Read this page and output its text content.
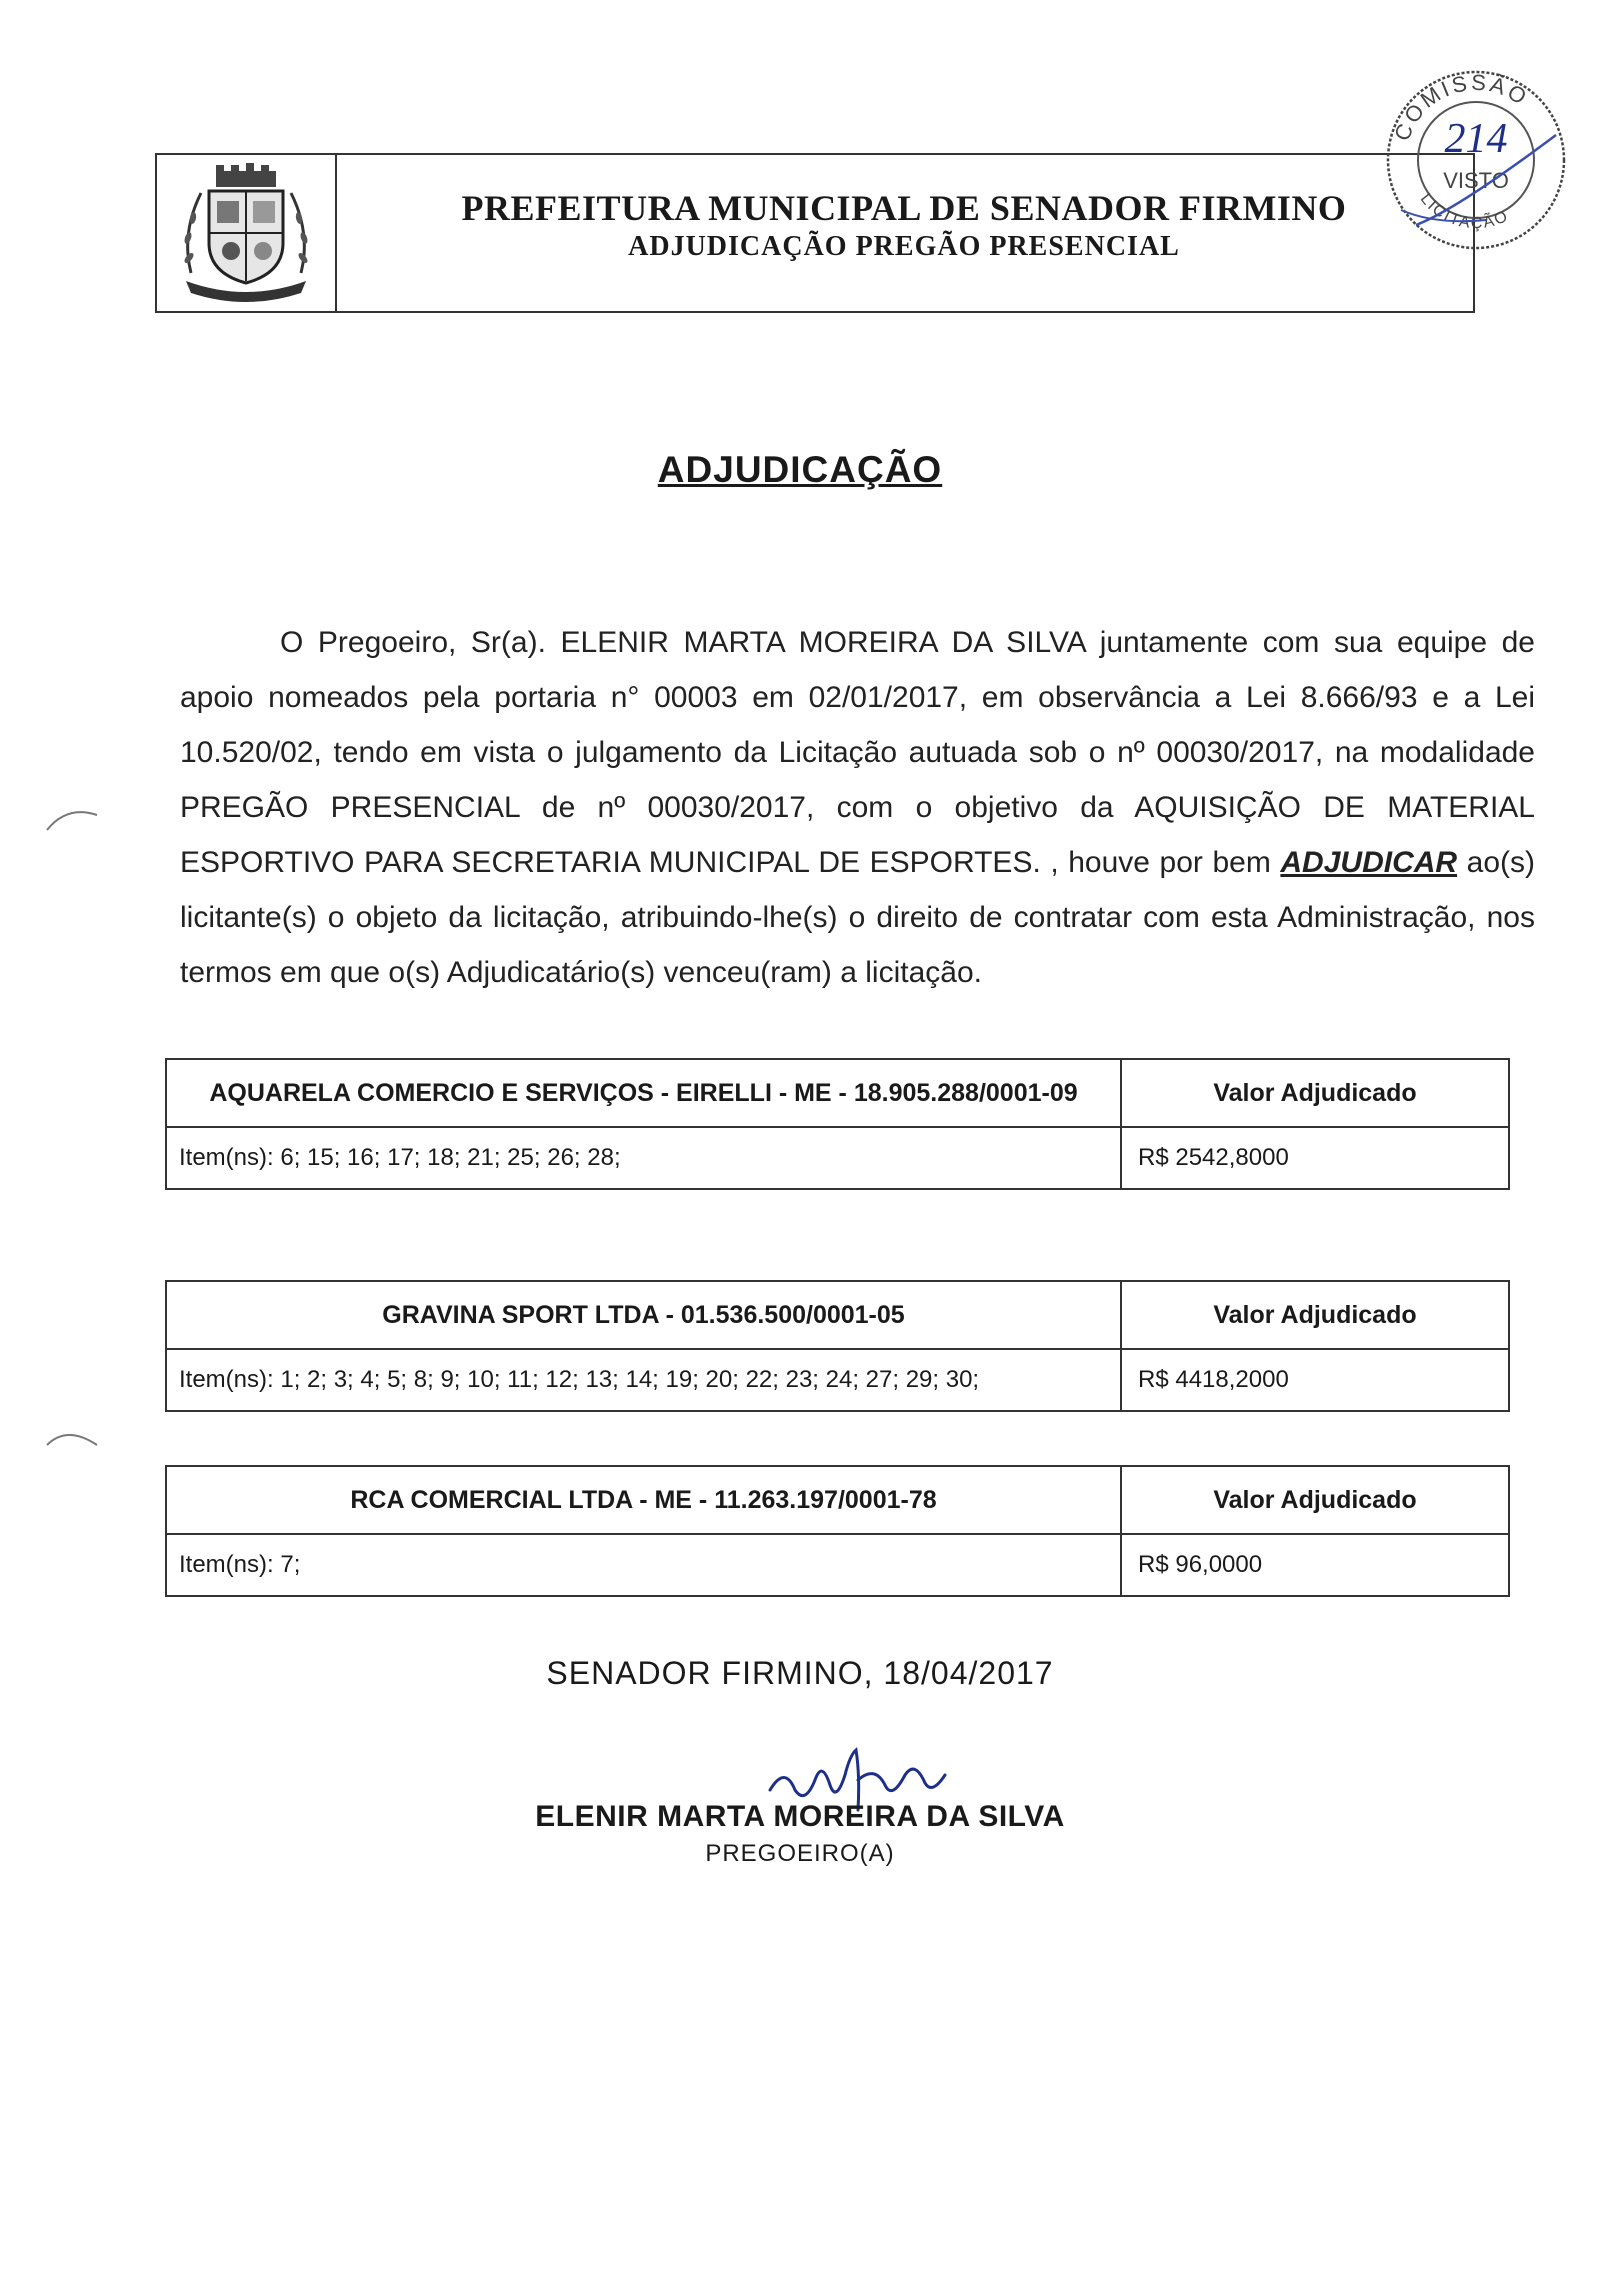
PREFEITURA MUNICIPAL DE SENADOR FIRMINO
ADJUDICAÇÃO PREGÃO PRESENCIAL
COMISSÃO
LICITAÇÃO
214
VISTO
ADJUDICAÇÃO

O Pregoeiro, Sr(a). ELENIR MARTA MOREIRA DA SILVA juntamente com sua equipe de apoio nomeados pela portaria n° 00003 em 02/01/2017, em observância a Lei 8.666/93 e a Lei 10.520/02, tendo em vista o julgamento da Licitação autuada sob o nº 00030/2017, na modalidade PREGÃO PRESENCIAL de nº 00030/2017, com o objetivo da AQUISIÇÃO DE MATERIAL ESPORTIVO PARA SECRETARIA MUNICIPAL DE ESPORTES. , houve por bem ADJUDICAR ao(s) licitante(s) o objeto da licitação, atribuindo-lhe(s) o direito de contratar com esta Administração, nos termos em que o(s) Adjudicatário(s) venceu(ram) a licitação.

AQUARELA COMERCIO E SERVIÇOS - EIRELLI - ME - 18.905.288/0001-09	Valor Adjudicado
Item(ns): 6; 15; 16; 17; 18; 21; 25; 26; 28;	R$ 2542,8000
GRAVINA SPORT LTDA - 01.536.500/0001-05	Valor Adjudicado
Item(ns): 1; 2; 3; 4; 5; 8; 9; 10; 11; 12; 13; 14; 19; 20; 22; 23; 24; 27; 29; 30;	R$ 4418,2000
RCA COMERCIAL LTDA - ME - 11.263.197/0001-78	Valor Adjudicado
Item(ns): 7;	R$ 96,0000
SENADOR FIRMINO, 18/04/2017
ELENIR MARTA MOREIRA DA SILVA
PREGOEIRO(A)
